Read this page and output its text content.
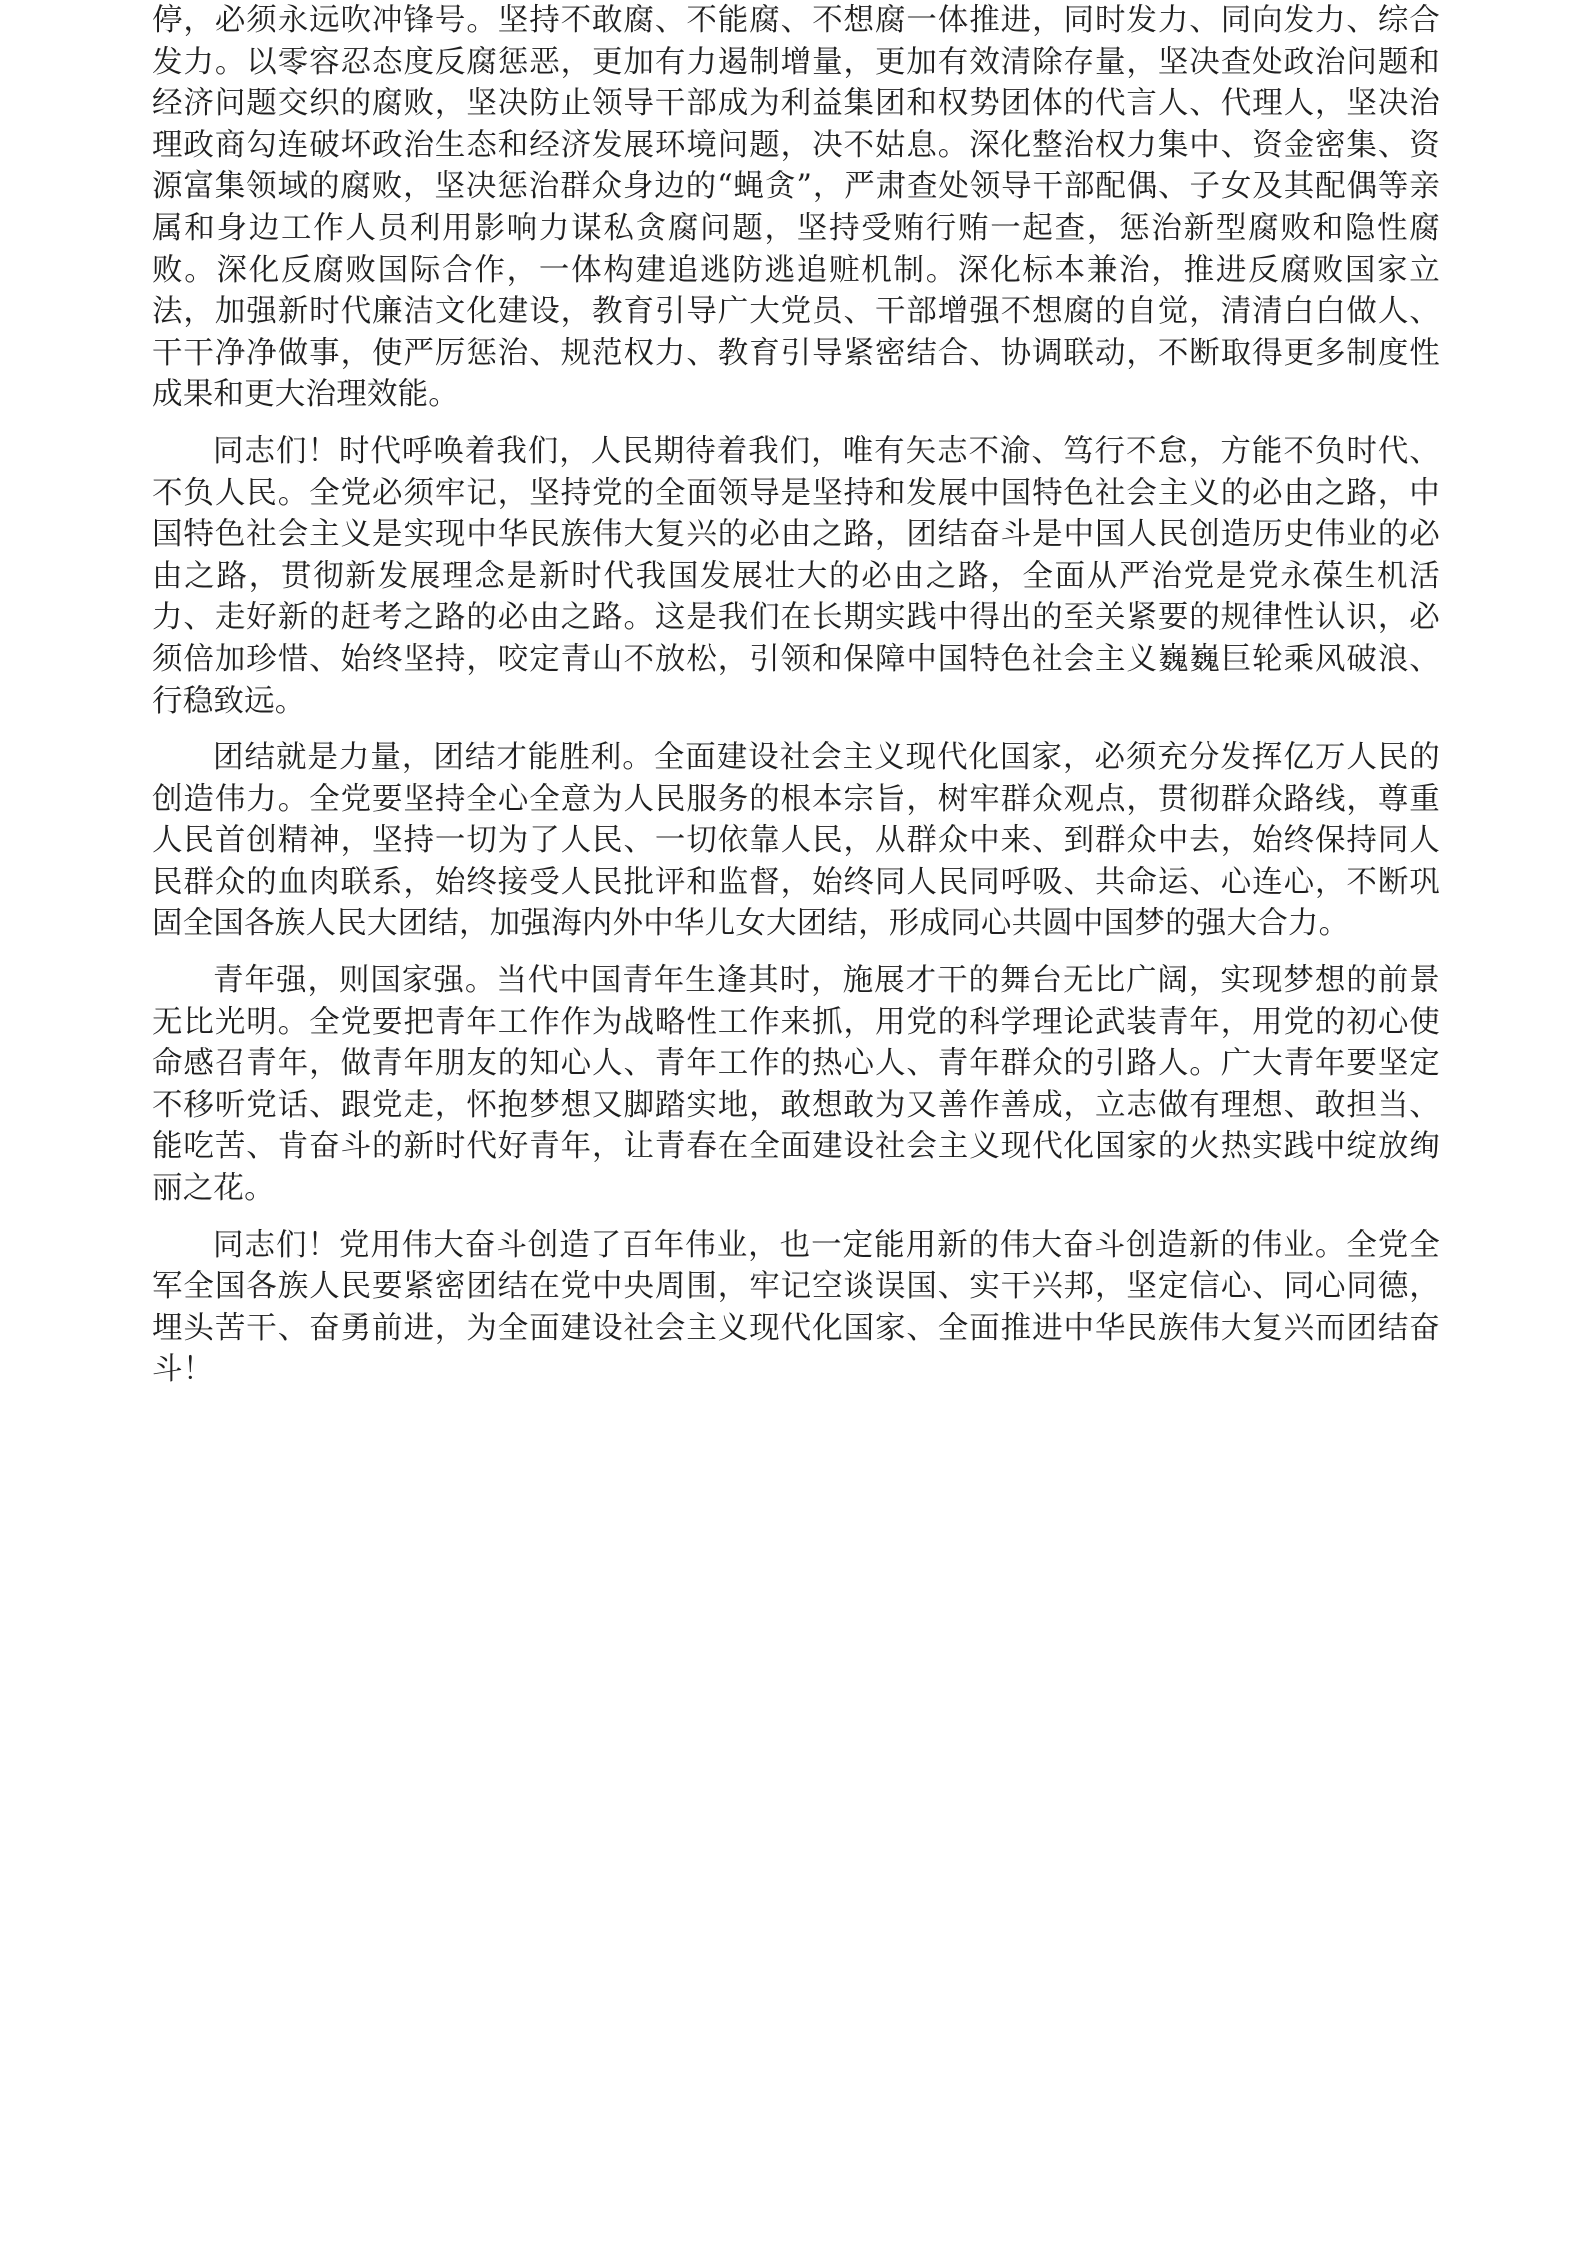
停，必须永远吹冲锋号。坚持不敢腐、不能腐、不想腐一体推进，同时发力、同向发力、综合发力。以零容忍态度反腐惩恶，更加有力遏制增量，更加有效清除存量，坚决查处政治问题和经济问题交织的腐败，坚决防止领导干部成为利益集团和权势团体的代言人、代理人，坚决治理政商勾连破坏政治生态和经济发展环境问题，决不姑息。深化整治权力集中、资金密集、资源富集领域的腐败，坚决惩治群众身边的“蝇贪”，严肃查处领导干部配偶、子女及其配偶等亲属和身边工作人员利用影响力谋私贪腐问题，坚持受贿行贿一起查，惩治新型腐败和隐性腐败。深化反腐败国际合作，一体构建追逃防逃追赃机制。深化标本兼治，推进反腐败国家立法，加强新时代廉洁文化建设，教育引导广大党员、干部增强不想腐的自觉，清清白白做人、干干净净做事，使严厉惩治、规范权力、教育引导紧密结合、协调联动，不断取得更多制度性成果和更大治理效能。

同志们！时代呼唤着我们，人民期待着我们，唯有矢志不渝、笃行不怠，方能不负时代、不负人民。全党必须牢记，坚持党的全面领导是坚持和发展中国特色社会主义的必由之路，中国特色社会主义是实现中华民族伟大复兴的必由之路，团结奋斗是中国人民创造历史伟业的必由之路，贯彻新发展理念是新时代我国发展壮大的必由之路，全面从严治党是党永葆生机活力、走好新的赶考之路的必由之路。这是我们在长期实践中得出的至关紧要的规律性认识，必须倍加珍惜、始终坚持，咬定青山不放松，引领和保障中国特色社会主义巍巍巨轮乘风破浪、行稳致远。

团结就是力量，团结才能胜利。全面建设社会主义现代化国家，必须充分发挥亿万人民的创造伟力。全党要坚持全心全意为人民服务的根本宗旨，树牢群众观点，贯彻群众路线，尊重人民首创精神，坚持一切为了人民、一切依靠人民，从群众中来、到群众中去，始终保持同人民群众的血肉联系，始终接受人民批评和监督，始终同人民同呼吸、共命运、心连心，不断巩固全国各族人民大团结，加强海内外中华儿女大团结，形成同心共圆中国梦的强大合力。

青年强，则国家强。当代中国青年生逢其时，施展才干的舞台无比广阔，实现梦想的前景无比光明。全党要把青年工作作为战略性工作来抓，用党的科学理论武装青年，用党的初心使命感召青年，做青年朋友的知心人、青年工作的热心人、青年群众的引路人。广大青年要坚定不移听党话、跟党走，怀抱梦想又脚踏实地，敢想敢为又善作善成，立志做有理想、敢担当、能吃苦、肯奋斗的新时代好青年，让青春在全面建设社会主义现代化国家的火热实践中绽放绚丽之花。

同志们！党用伟大奋斗创造了百年伟业，也一定能用新的伟大奋斗创造新的伟业。全党全军全国各族人民要紧密团结在党中央周围，牢记空谈误国、实干兴邦，坚定信心、同心同德，埋头苦干、奋勇前进，为全面建设社会主义现代化国家、全面推进中华民族伟大复兴而团结奋斗！
